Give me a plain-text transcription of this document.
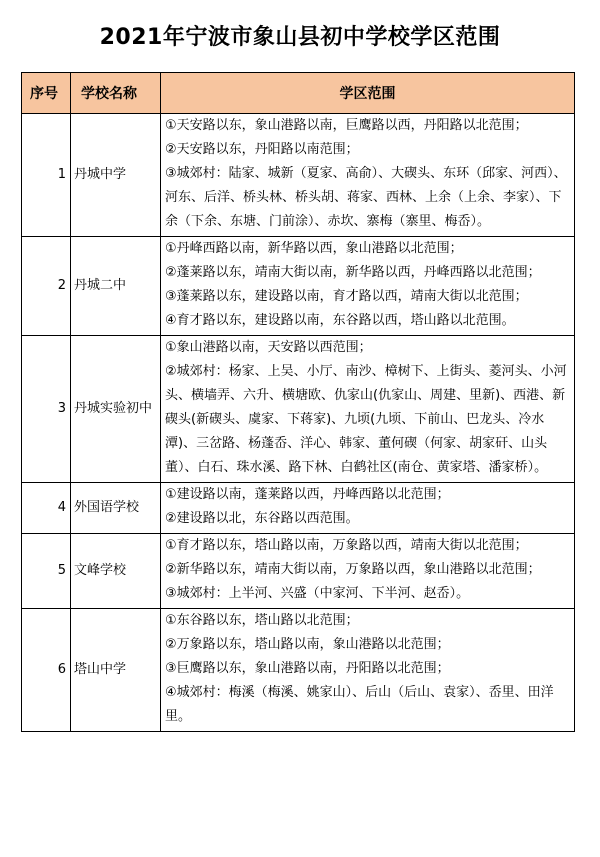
2021年宁波市象山县初中学校学区范围
序号	学校名称	学区范围
1	丹城中学	①天安路以东，象山港路以南，巨鹰路以西，丹阳路以北范围；
②天安路以东，丹阳路以南范围；
③城郊村：陆家、城新（夏家、高俞）、大碶头、东环（邱家、河西）、河东、后洋、桥头林、桥头胡、蒋家、西林、上余（上余、李家）、下余（下余、东塘、门前涂）、赤坎、寨梅（寨里、梅岙）。

2	丹城二中	①丹峰西路以南，新华路以西，象山港路以北范围；
②蓬莱路以东，靖南大街以南，新华路以西，丹峰西路以北范围；
③蓬莱路以东，建设路以南，育才路以西，靖南大街以北范围；
④育才路以东，建设路以南，东谷路以西，塔山路以北范围。

3	丹城实验初中	①象山港路以南，天安路以西范围；
②城郊村：杨家、上吴、小厅、南沙、樟树下、上街头、菱河头、小河头、横墙弄、六升、横塘欧、仇家山(仇家山、周建、里新)、西港、新碶头(新碶头、虞家、下蒋家)、九顷(九顷、下前山、巴龙头、冷水潭)、三岔路、杨蓬岙、洋心、韩家、董何碶（何家、胡家矸、山头董）、白石、珠水溪、路下林、白鹤社区(南仓、黄家塔、潘家桥）。

4	外国语学校	①建设路以南，蓬莱路以西，丹峰西路以北范围；
②建设路以北，东谷路以西范围。

5	文峰学校	①育才路以东，塔山路以南，万象路以西，靖南大街以北范围；
②新华路以东，靖南大街以南，万象路以西，象山港路以北范围；
③城郊村：上半河、兴盛（中家河、下半河、赵岙）。

6	塔山中学	①东谷路以东，塔山路以北范围；
②万象路以东，塔山路以南，象山港路以北范围；
③巨鹰路以东，象山港路以南，丹阳路以北范围；
④城郊村：梅溪（梅溪、姚家山）、后山（后山、袁家）、岙里、田洋里。
